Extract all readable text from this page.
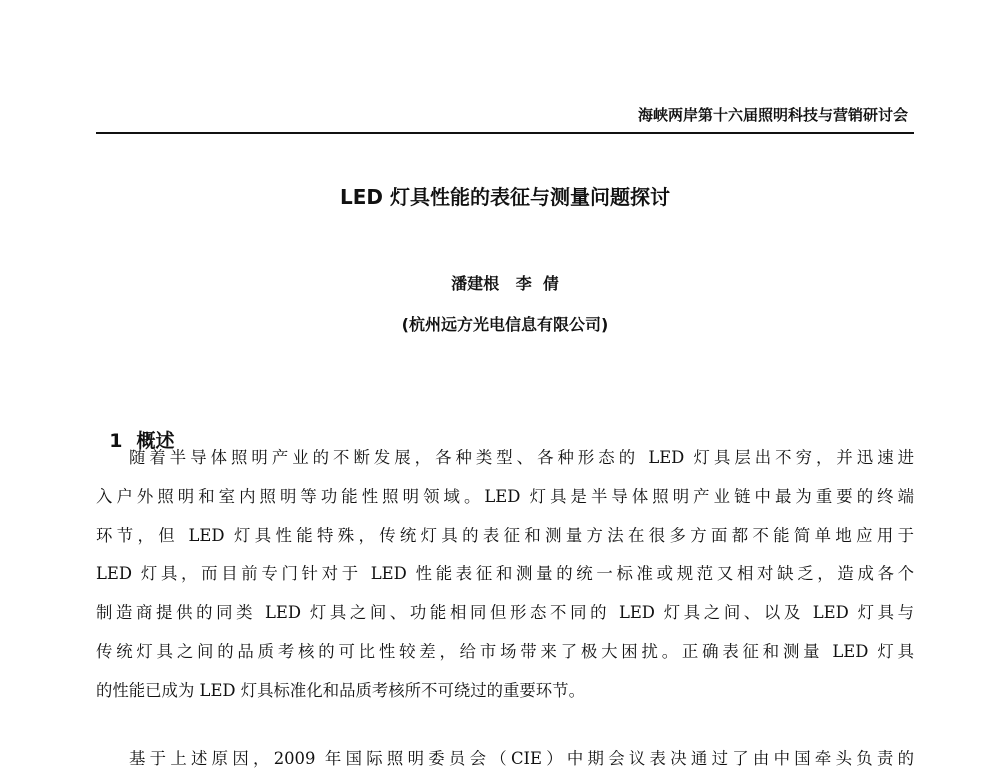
海峡两岸第十六届照明科技与营销研讨会
LED 灯具性能的表征与测量问题探讨
潘建根   李  倩
(杭州远方光电信息有限公司)

1 概述

随着半导体照明产业的不断发展，各种类型、各种形态的 LED 灯具层出不穷，并迅速进
入户外照明和室内照明等功能性照明领域。LED 灯具是半导体照明产业链中最为重要的终端
环节，但 LED 灯具性能特殊，传统灯具的表征和测量方法在很多方面都不能简单地应用于
LED 灯具，而目前专门针对于 LED 性能表征和测量的统一标准或规范又相对缺乏，造成各个
制造商提供的同类 LED 灯具之间、功能相同但形态不同的 LED 灯具之间、以及 LED 灯具与
传统灯具之间的品质考核的可比性较差，给市场带来了极大困扰。正确表征和测量 LED 灯具
的性能已成为 LED 灯具标准化和品质考核所不可绕过的重要环节。
基于上述原因，2009 年国际照明委员会（CIE）中期会议表决通过了由中国牵头负责的
